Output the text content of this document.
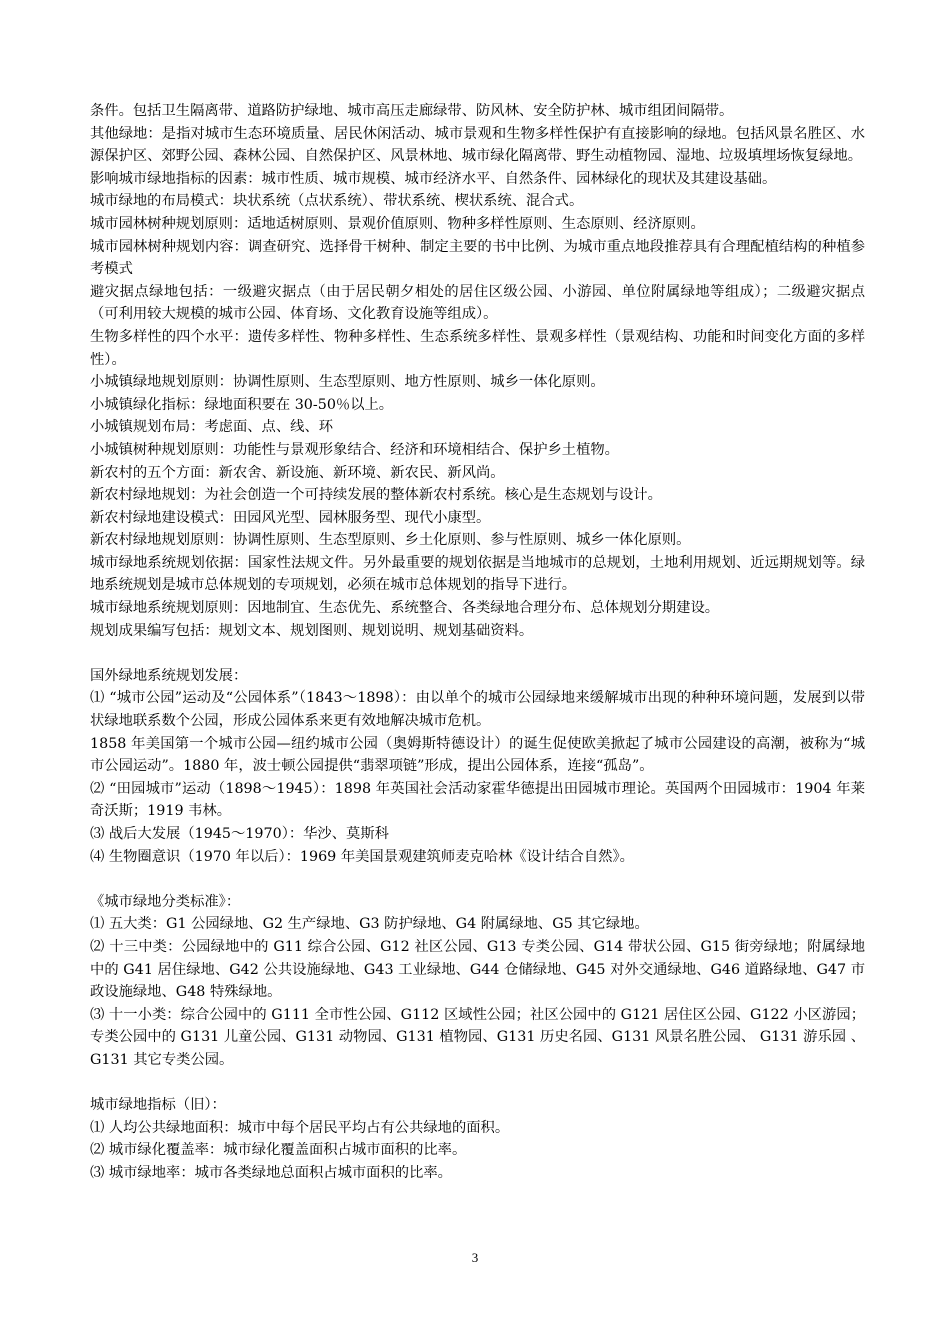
条件。包括卫生隔离带、道路防护绿地、城市高压走廊绿带、防风林、安全防护林、城市组团间隔带。

其他绿地：是指对城市生态环境质量、居民休闲活动、城市景观和生物多样性保护有直接影响的绿地。包括风景名胜区、水源保护区、郊野公园、森林公园、自然保护区、风景林地、城市绿化隔离带、野生动植物园、湿地、垃圾填埋场恢复绿地。

影响城市绿地指标的因素：城市性质、城市规模、城市经济水平、自然条件、园林绿化的现状及其建设基础。

城市绿地的布局模式：块状系统（点状系统）、带状系统、楔状系统、混合式。

城市园林树种规划原则：适地适树原则、景观价值原则、物种多样性原则、生态原则、经济原则。

城市园林树种规划内容：调查研究、选择骨干树种、制定主要的书中比例、为城市重点地段推荐具有合理配植结构的种植参考模式

避灾据点绿地包括：一级避灾据点（由于居民朝夕相处的居住区级公园、小游园、单位附属绿地等组成）；二级避灾据点（可利用较大规模的城市公园、体育场、文化教育设施等组成）。

生物多样性的四个水平：遗传多样性、物种多样性、生态系统多样性、景观多样性（景观结构、功能和时间变化方面的多样性）。

小城镇绿地规划原则：协调性原则、生态型原则、地方性原则、城乡一体化原则。

小城镇绿化指标：绿地面积要在 30-50％以上。

小城镇规划布局：考虑面、点、线、环

小城镇树种规划原则：功能性与景观形象结合、经济和环境相结合、保护乡土植物。

新农村的五个方面：新农舍、新设施、新环境、新农民、新风尚。

新农村绿地规划：为社会创造一个可持续发展的整体新农村系统。核心是生态规划与设计。

新农村绿地建设模式：田园风光型、园林服务型、现代小康型。

新农村绿地规划原则：协调性原则、生态型原则、乡土化原则、参与性原则、城乡一体化原则。

城市绿地系统规划依据：国家性法规文件。另外最重要的规划依据是当地城市的总规划，土地利用规划、近远期规划等。绿地系统规划是城市总体规划的专项规划，必须在城市总体规划的指导下进行。

城市绿地系统规划原则：因地制宜、生态优先、系统整合、各类绿地合理分布、总体规划分期建设。

规划成果编写包括：规划文本、规划图则、规划说明、规划基础资料。

国外绿地系统规划发展：

⑴ “城市公园”运动及“公园体系”（1843～1898）：由以单个的城市公园绿地来缓解城市出现的种种环境问题，发展到以带状绿地联系数个公园，形成公园体系来更有效地解决城市危机。

1858 年美国第一个城市公园—纽约城市公园（奥姆斯特德设计）的诞生促使欧美掀起了城市公园建设的高潮，被称为“城市公园运动”。1880 年，波士顿公园提供“翡翠项链”形成，提出公园体系，连接“孤岛”。

⑵ “田园城市”运动（1898～1945）：1898 年英国社会活动家霍华德提出田园城市理论。英国两个田园城市：1904 年莱奇沃斯；1919 韦林。

⑶ 战后大发展（1945～1970）：华沙、莫斯科

⑷ 生物圈意识（1970 年以后）：1969 年美国景观建筑师麦克哈林《设计结合自然》。

《城市绿地分类标准》：

⑴ 五大类：G1 公园绿地、G2 生产绿地、G3 防护绿地、G4 附属绿地、G5 其它绿地。

⑵ 十三中类：公园绿地中的 G11 综合公园、G12 社区公园、G13 专类公园、G14 带状公园、G15 街旁绿地；附属绿地中的 G41 居住绿地、G42 公共设施绿地、G43 工业绿地、G44 仓储绿地、G45 对外交通绿地、G46 道路绿地、G47 市政设施绿地、G48 特殊绿地。

⑶ 十一小类：综合公园中的 G111 全市性公园、G112 区域性公园；社区公园中的 G121 居住区公园、G122 小区游园；专类公园中的 G131 儿童公园、G131 动物园、G131 植物园、G131 历史名园、G131 风景名胜公园、 G131 游乐园 、G131 其它专类公园。

城市绿地指标（旧）：

⑴ 人均公共绿地面积：城市中每个居民平均占有公共绿地的面积。

⑵ 城市绿化覆盖率：城市绿化覆盖面积占城市面积的比率。

⑶ 城市绿地率：城市各类绿地总面积占城市面积的比率。

3
